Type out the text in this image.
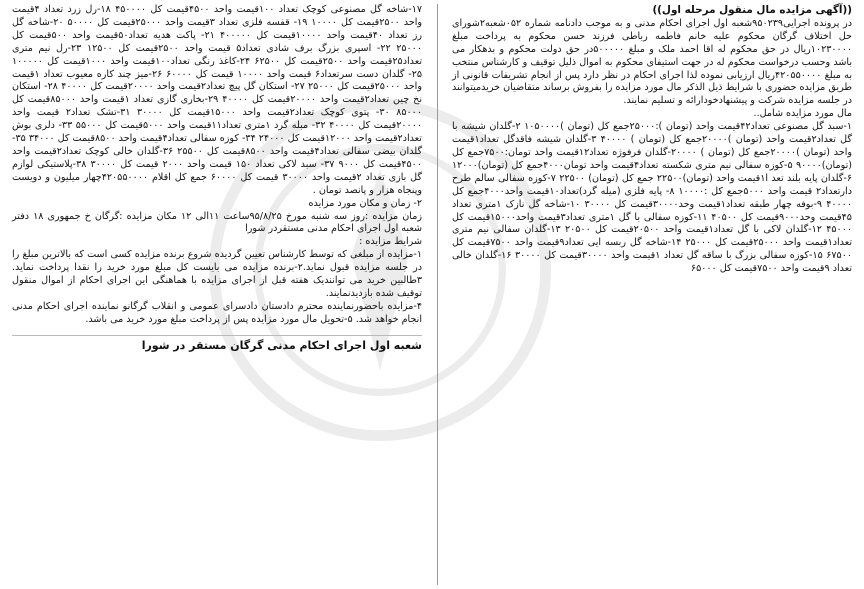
((آگهی مزایده مال منقول مرحله اول))

در پرونده اجرایی۹۵۰۲۳۹شعبه اول اجرای احکام مدنی و به موجب دادنامه شماره ۰۵۲شعبه۲شورای حل اختلاف گرگان محکوم علیه خانم فاطمه رباطی فرزند حسن محکوم به پرداخت مبلغ ۱۰۲۳۰۰۰۰ریال در حق محکوم له اقا احمد ملک و مبلغ ۵۰۰۰۰۰در حق دولت محکوم و بدهکار می باشد وحسب درخواست محکوم له در جهت استیفای محکوم به اموال ذلیل توقیف و کارشناس منتخب به مبلغ ۴۲۰۵۵۰۰۰۰ریال ارزیابی نموده لذا اجرای احکام در نظر دارد پس از انجام تشریفات قانونی از طریق مزایده حضوری با شرایط ذیل الذکر مال مورد مزایده را بفروش برساند متقاضیان خریدمیتوانند در جلسه مزایده شرکت و پیشنهادخودارائه و تسلیم نمایند.

مال مورد مزایده شامل..

۱-سبد گل مصنوعی تعداد۴۲قیمت واحد (تومان ):۲۵۰۰۰جمع کل (تومان )۱۰۵۰۰۰۰ ۲-گلدان شیشه با گل تعداد۲قیمت واحد (تومان )۲۰۰۰۰جمع کل (تومان ) ۴۰۰۰۰ ۳-گلدان شیشه فاقدگل تعداد۱قیمت واحد (تومان )۲۰۰۰۰جمع کل (تومان ) ۲۰۰۰۰-گلدان فرفوژه تعداد۱۲قیمت واحد تومان:۷۵۰۰جمع کل (تومان)۹۰۰۰۰ ۵-کوزه سفالی نیم متری شکسته تعداد۴قیمت واحد تومان۴۰۰۰جمع کل (تومان)۱۲۰۰۰ ۶-گلدان پایه بلند تعد ا۱قیمت واحد (تومان)۲۲۵۰۰ جمع کل (تومان) ۲۲۵۰۰ ۷-کوزه سفالی سالم طرح دارتعداد۲ قیمت واحد ۵۰۰۰جمع کل :۱۰۰۰۰ ۸- پایه فلزی (میله گرد)تعداد۱۰قیمت واحد۴۰۰۰جمع کل ۴۰۰۰۰ ۹-بوفه چهار طبقه تعداد۱قیمت وحد۳۰۰۰۰قیمت کل ۳۰۰۰۰ ۱۰-شاخه گل نازک ۱متری تعداد ۴۵قیمت وحد۹۰۰۰قیمت کل ۴۰۵۰۰ ۱۱-کوزه سفالی با گل ۱متری تعداد۳قیمت واحد۱۵۰۰۰قیمت کل ۴۵۰۰۰ ۱۲-گلدان لاکی با گل تعداد۱قیمت واحد ۲۰۵۰۰قیمت کل ۲۰۵۰۰ ۱۳-گلدان سفالی نیم متری تعداد۱قیمت واحد ۲۵۰۰۰قیمت کل ۲۵۰۰۰ ۱۴-شاخه گل ربسه ایی تعداد۹قیمت واحد ۷۵۰۰قیمت کل ۶۷۵۰۰ ۱۵-کوزه سفالی بزرگ با ساقه گل تعداد ۱قیمت واحد ۳۰۰۰۰قیمت کل ۳۰۰۰۰ ۱۶-گلدان خالی تعداد ۹قیمت واحد ۷۵۰۰قیمت کل ۶۵۰۰۰

۱۷-شاخه گل مصنوعی کوچک تعداد ۱۰۰قیمت واحد ۴۵۰۰قیمت کل ۴۵۰۰۰۰ ۱۸-رل زرد تعداد ۴قیمت واحد ۲۵۰۰قیمت کل ۱۰۰۰۰ ۱۹- قفسه فلزی تعداد ۳قیمت واحد ۲۵۰۰۰قیمت کل ۵۰۰۰۰ ۲۰-شاخه گل رز تعداد ۴۰قیمت واحد ۱۰۰۰۰قیمت کل ۴۰۰۰۰۰ ۲۱- پاکت هدیه تعداد۵۰قیمت واحد ۵۰۰قیمت کل ۲۵۰۰۰ ۲۲- اسپری بزرگ برف شادی تعداد۵ قیمت واحد ۲۵۰۰قیمت کل ۱۲۵۰۰ ۲۳-رل نیم متری تعداد۲۵قیمت واحد ۲۵۰۰قیمت کل ۶۲۵۰۰ ۲۴-کاغذ رنگی تعداد۱۰۰قیمت واحد ۱۰۰۰قیمت کل ۱۰۰۰۰۰ ۲۵- گلدان دست سرتعداد۶ قیمت واحد ۱۰۰۰۰ قیمت کل ۶۰۰۰۰ ۲۶-میز چند کاره معیوب تعداد ۱قیمت واحد ۲۵۰۰۰قیمت کل ۲۵۰۰۰ ۲۷- استکان گل پیچ تعداد۲قیمت واحد ۲۰۰۰۰قیمت کل ۴۰۰۰۰ ۲۸- استکان نخ چین تعداد۲قیمت واحد ۲۰۰۰۰قیمت کل ۴۰۰۰۰ ۲۹-بخاری گازی تعداد ۱قیمت واحد ۸۵۰۰۰قیمت کل ۸۵۰۰۰ ۳۰- پتوی کوچک تعداد۲قیمت واحد ۱۵۰۰۰قیمت کل ۳۰۰۰۰ ۳۱-تشک تعداد۲ قیمت واحد ۲۰۰۰۰قیمت کل ۴۰۰۰۰ ۳۲- مبله گرد ۱متری تعداد۱۱قیمت واحد ۵۰۰۰قیمت کل ۵۵۰۰۰ ۳۳- دلری بوش تعداد۲قیمت واحد ۱۲۰۰۰قیمت کل ۲۴۰۰۰ ۳۴- کوزه سفالی تعداد۴قیمت واحد ۸۵۰۰قیمت کل ۳۴۰۰۰ ۳۵-گلدان بیضی سفالی تعداد۴قیمت واحد ۸۵۰۰قیمت کل ۲۵۵۰۰ ۳۶-گلدان خالی کوچک تعداد۲قیمت واحد ۴۵۰۰قیمت کل ۹۰۰۰ ۳۷- سبد لاکی تعداد ۱۵۰ قیمت واحد ۲۰۰۰ قیمت کل ۳۰۰۰۰ ۳۸-پلاستیکی لوازم گل بازی تعداد ۲قیمت واحد ۳۰۰۰۰ قیمت کل ۶۰۰۰۰ جمع کل اقلام ۴۲۰۵۵۰۰۰۰چهار میلیون و دویست وپنجاه هزار و پانصد تومان .

۲- زمان و مکان مورد مزایده

زمان مزایده :روز سه شنبه مورخ ۹۵/۸/۲۵ساعت ۱۱الی ۱۲ مکان مزایده :گرگان خ جمهوری ۱۸ دفتر شعبه اول اجرای احکام مدنی مستقردر شورا

شرایط مزایده :

۱-مزایده از مبلغی که توسط کارشناس تعیین گردیده شروع برنده مزایده کسی است که بالاترین مبلغ را در جلسه مزایده قبول نماید.۲-برنده مزایده می بایست کل مبلغ مورد خرید را نقدا پرداخت نماید. ۳طالبین خرید می توانندیک هفته قبل از اجرای مزایده با هماهنگی این اجرای احکام از اموال منقول توقیف شده بازدیدنمایند.

۴-مزایده باحضورنماینده محترم دادستان دادسرای عمومی و انقلاب گرگانو نماینده اجرای احکام مدنی انجام خواهد شد. ۵-تحویل مال مورد مزایده پس از پرداخت مبلغ مورد خرید می باشد.

شعبه اول اجرای احکام مدنی گرگان مستقر در شورا
